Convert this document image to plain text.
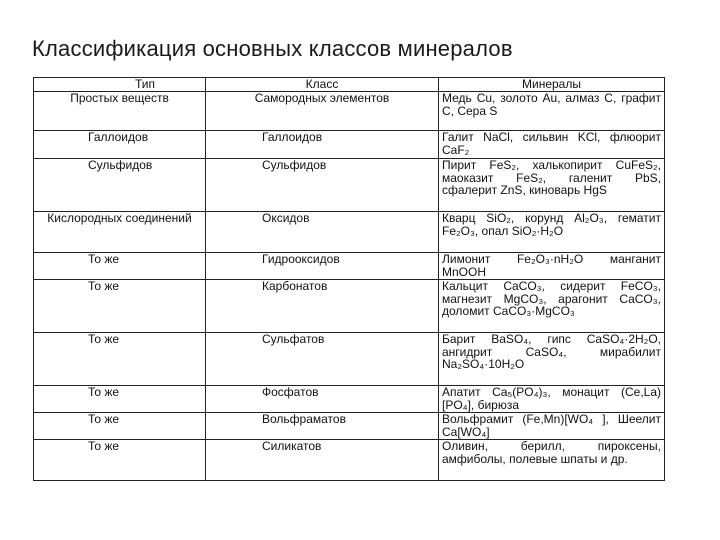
Классификация основных классов минералов
Тип	Класс	Минералы
Простых веществ	Самородных элементов	Медь Cu, золото Au, алмаз C, графит C, Сера S
Галлоидов	Галлоидов	Галит NaCl, сильвин KCl, флюорит CaF₂
Сульфидов	Сульфидов	Пирит FeS₂, халькопирит CuFeS₂, маоказит FeS₂, галенит PbS, сфалерит ZnS, киноварь HgS
Кислородных соединений	Оксидов	Кварц SiO₂, корунд Al₂O₃, гематит Fe₂O₃, опал SiO₂·H₂O
То же	Гидрооксидов	Лимонит Fe₂O₃·nH₂O манганит MnOOH
То же	Карбонатов	Кальцит CaCO₃, сидерит FeCO₃, магнезит MgCO₃, арагонит CaCO₃, доломит CaCO₃·MgCO₃
То же	Сульфатов	Барит BaSO₄, гипс CaSO₄·2H₂O, ангидрит CaSO₄, мирабилит Na₂SO₄·10H₂O
То же	Фосфатов	Апатит Ca₅(PO₄)₃, монацит (Ce,La)[PO₄], бирюза
То же	Вольфраматов	Вольфрамит (Fe,Mn)[WO₄ ], Шеелит Ca[WO₄]
То же	Силикатов	Оливин, берилл, пироксены, амфиболы, полевые шпаты и др.
